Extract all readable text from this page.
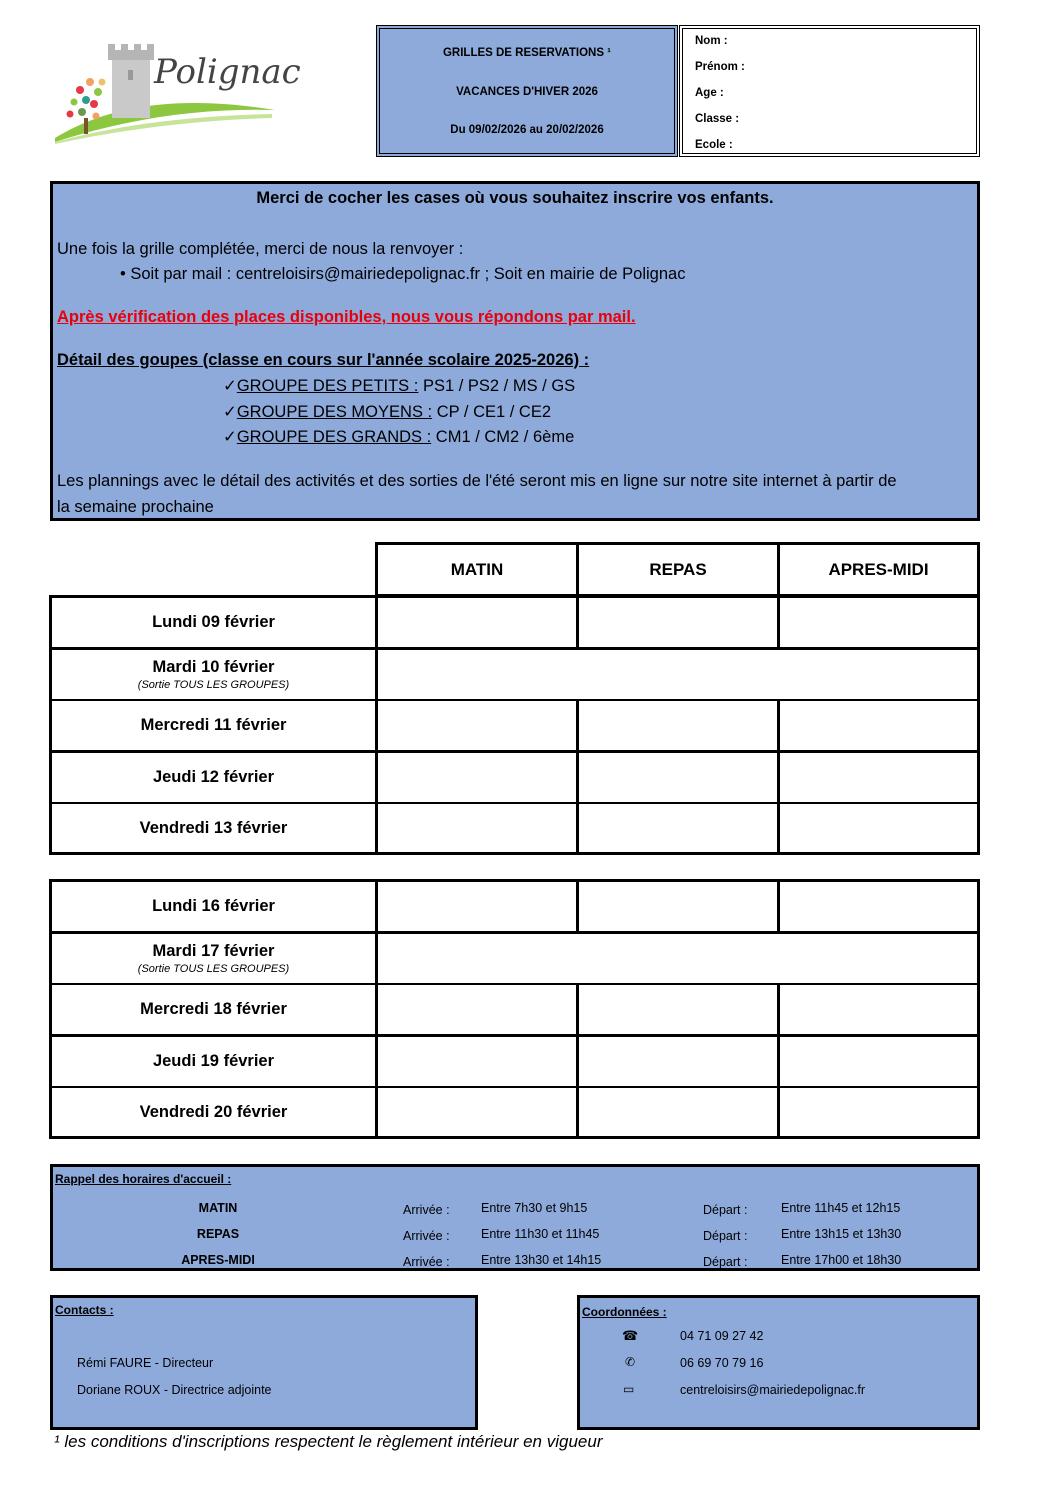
Polignac	GRILLES DE RESERVATIONS ¹
VACANCES D'HIVER 2026
Du 09/02/2026 au 20/02/2026
Nom :
Prénom :
Age :
Classe :
Ecole :
Merci de cocher les cases où vous souhaitez inscrire vos enfants.
Une fois la grille complétée, merci de nous la renvoyer :
• Soit par mail : centreloisirs@mairiedepolignac.fr ; Soit en mairie de Polignac
Après vérification des places disponibles, nous vous répondons par mail.
Détail des goupes (classe en cours sur l'année scolaire 2025-2026) :
✓GROUPE DES PETITS : PS1 / PS2 / MS / GS
✓GROUPE DES MOYENS : CP / CE1 / CE2
✓GROUPE DES GRANDS : CM1 / CM2 / 6ème
Les plannings avec le détail des activités et des sorties de l'été seront mis en ligne sur notre site internet à partir de
la semaine prochaine
MATIN	REPAS	APRES-MIDI
Lundi 09 février
Mardi 10 février
(Sortie TOUS LES GROUPES)
Mercredi 11 février
Jeudi 12 février
Vendredi 13 février
Lundi 16 février
Mardi 17 février
(Sortie TOUS LES GROUPES)
Mercredi 18 février
Jeudi 19 février
Vendredi 20 février
Rappel des horaires d'accueil :
MATIN	Arrivée :	Entre 7h30 et 9h15	Départ :	Entre 11h45 et 12h15
REPAS	Arrivée :	Entre 11h30 et 11h45	Départ :	Entre 13h15 et 13h30
APRES-MIDI	Arrivée :	Entre 13h30 et 14h15	Départ :	Entre 17h00 et 18h30
Contacts :
Rémi FAURE - Directeur
Doriane ROUX - Directrice adjointe
Coordonnées :
☎	04 71 09 27 42
✆	06 69 70 79 16
▭	centreloisirs@mairiedepolignac.fr
¹ les conditions d'inscriptions respectent le règlement intérieur en vigueur
